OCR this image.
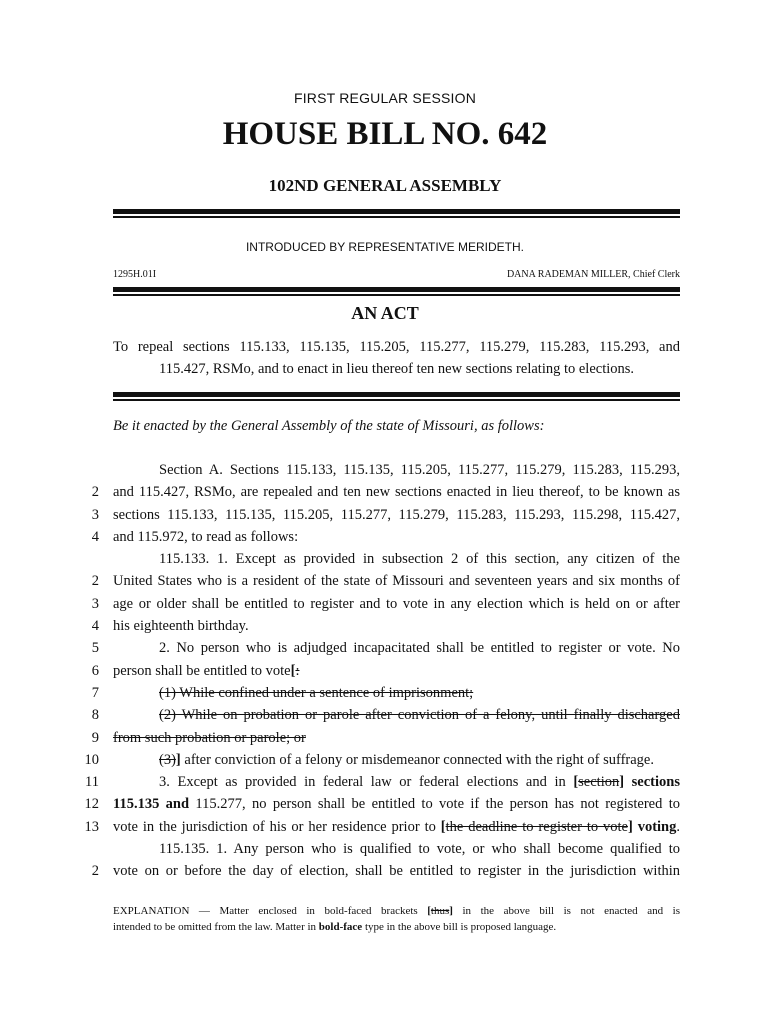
FIRST REGULAR SESSION
HOUSE BILL NO. 642
102ND GENERAL ASSEMBLY
INTRODUCED BY REPRESENTATIVE MERIDETH.
1295H.01I	DANA RADEMAN MILLER, Chief Clerk
AN ACT
To repeal sections 115.133, 115.135, 115.205, 115.277, 115.279, 115.283, 115.293, and
115.427, RSMo, and to enact in lieu thereof ten new sections relating to elections.
Be it enacted by the General Assembly of the state of Missouri, as follows:
Section A. Sections 115.133, 115.135, 115.205, 115.277, 115.279, 115.283, 115.293,
2 and 115.427, RSMo, are repealed and ten new sections enacted in lieu thereof, to be known as
3 sections 115.133, 115.135, 115.205, 115.277, 115.279, 115.283, 115.293, 115.298, 115.427,
4 and 115.972, to read as follows:
115.133. 1. Except as provided in subsection 2 of this section, any citizen of the
2 United States who is a resident of the state of Missouri and seventeen years and six months of
3 age or older shall be entitled to register and to vote in any election which is held on or after
4 his eighteenth birthday.
5	2. No person who is adjudged incapacitated shall be entitled to register or vote. No
6 person shall be entitled to vote[:
7	(1) While confined under a sentence of imprisonment;
8	(2) While on probation or parole after conviction of a felony, until finally discharged
9 from such probation or parole; or
10	(3)] after conviction of a felony or misdemeanor connected with the right of suffrage.
11	3. Except as provided in federal law or federal elections and in [section] sections
12 115.135 and 115.277, no person shall be entitled to vote if the person has not registered to
13 vote in the jurisdiction of his or her residence prior to [the deadline to register to vote] voting.
115.135. 1. Any person who is qualified to vote, or who shall become qualified to
2 vote on or before the day of election, shall be entitled to register in the jurisdiction within
EXPLANATION — Matter enclosed in bold-faced brackets [thus] in the above bill is not enacted and is
intended to be omitted from the law. Matter in bold-face type in the above bill is proposed language.
